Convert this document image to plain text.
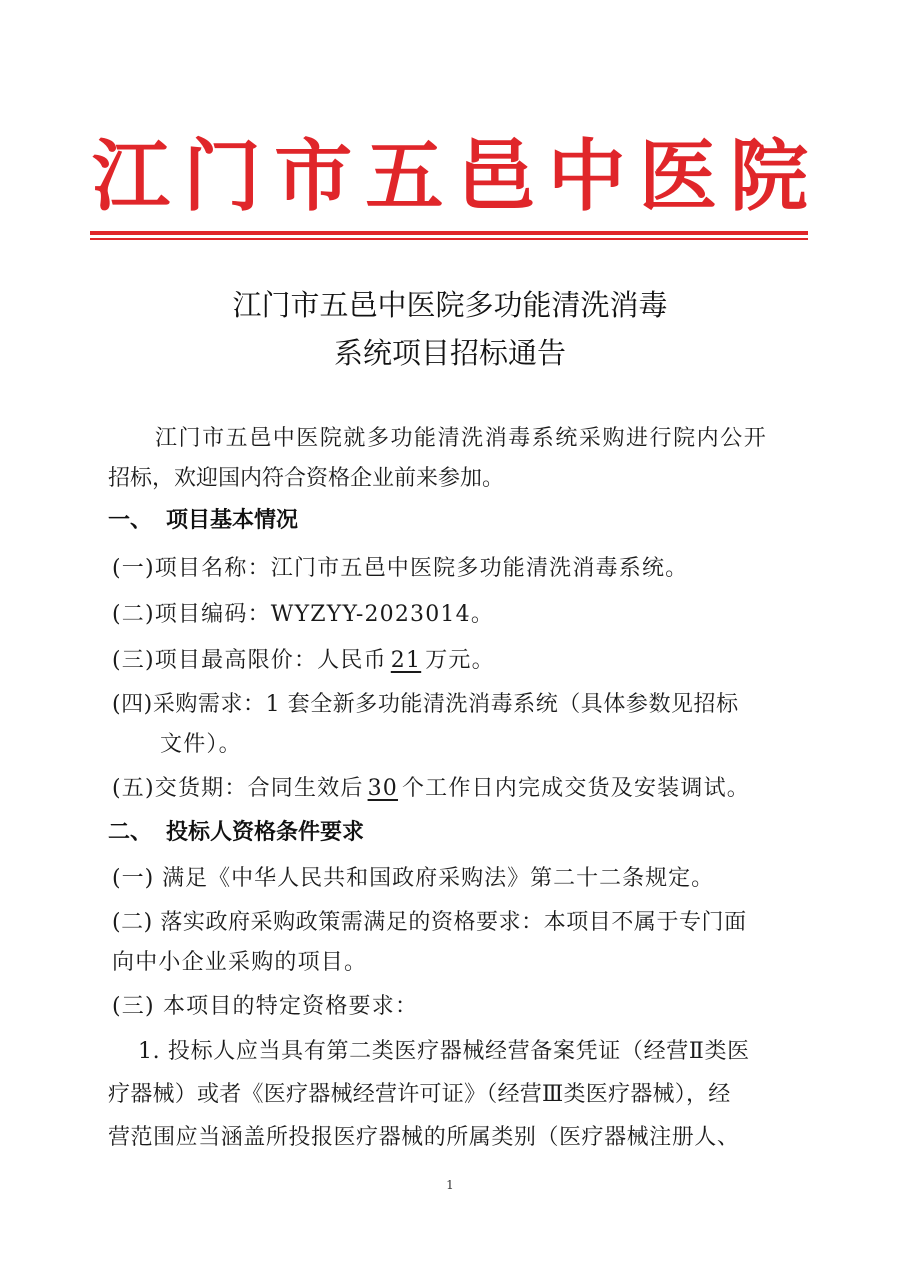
江 门 市 五 邑 中 医 院
江门市五邑中医院多功能清洗消毒
系统项目招标通告
江门市五邑中医院就多功能清洗消毒系统采购进行院内公开
招标，欢迎国内符合资格企业前来参加。
一、 项目基本情况
(一)项目名称：江门市五邑中医院多功能清洗消毒系统。
(二)项目编码：WYZYY-2023014。
(三)项目最高限价：人民币 21 万元。
(四)采购需求：1 套全新多功能清洗消毒系统（具体参数见招标
文件）。
(五)交货期：合同生效后 30 个工作日内完成交货及安装调试。
二、 投标人资格条件要求
(一) 满足《中华人民共和国政府采购法》第二十二条规定。
(二) 落实政府采购政策需满足的资格要求：本项目不属于专门面
向中小企业采购的项目。
(三) 本项目的特定资格要求：
1. 投标人应当具有第二类医疗器械经营备案凭证（经营Ⅱ类医
疗器械）或者《医疗器械经营许可证》（经营Ⅲ类医疗器械），经
营范围应当涵盖所投报医疗器械的所属类别（医疗器械注册人、
1
